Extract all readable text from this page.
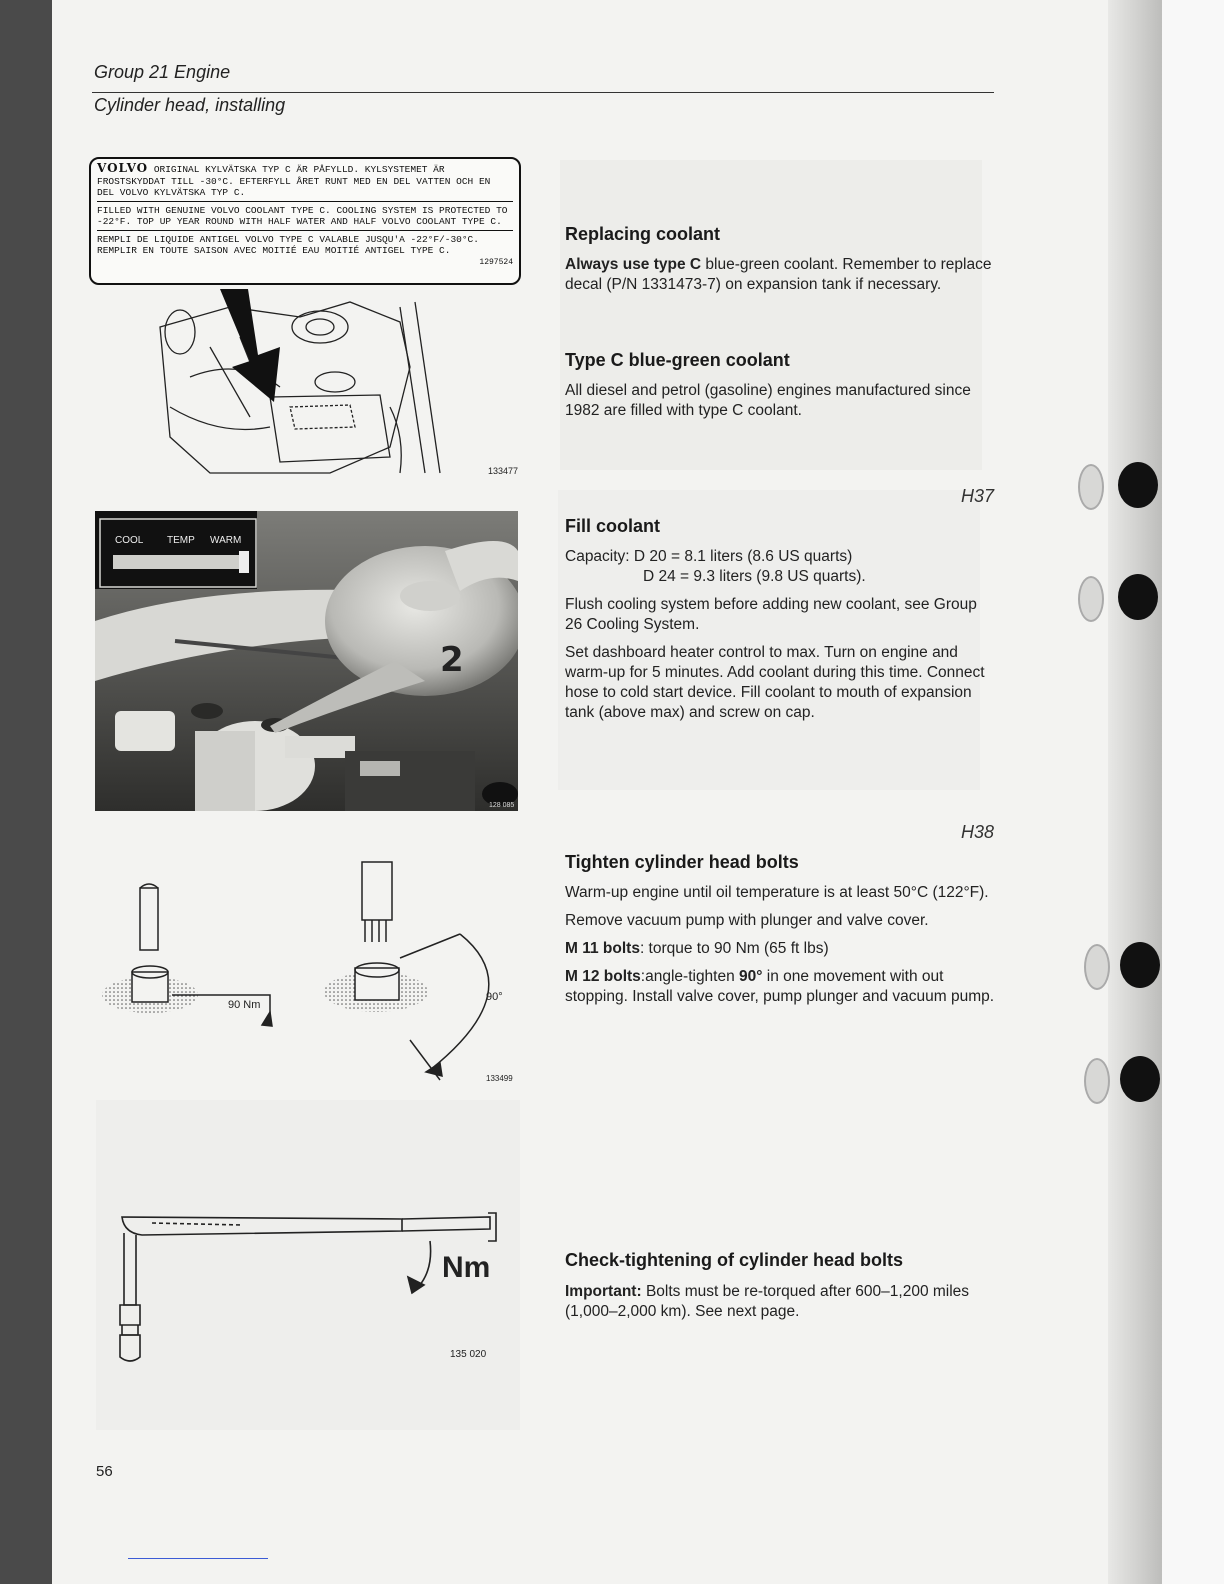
Group 21 Engine
Cylinder head, installing
VOLVO ORIGINAL KYLVÄTSKA TYP C ÄR PÅFYLLD. KYLSYSTEMET ÄR FROSTSKYDDAT TILL -30°C. EFTERFYLL ÅRET RUNT MED EN DEL VATTEN OCH EN DEL VOLVO KYLVÄTSKA TYP C.
FILLED WITH GENUINE VOLVO COOLANT TYPE C. COOLING SYSTEM IS PROTECTED TO -22°F. TOP UP YEAR ROUND WITH HALF WATER AND HALF VOLVO COOLANT TYPE C.
REMPLI DE LIQUIDE ANTIGEL VOLVO TYPE C VALABLE JUSQU'A -22°F/-30°C. REMPLIR EN TOUTE SAISON AVEC MOITIÉ EAU MOITIÉ ANTIGEL TYPE C.
1297524
133477
2
COOL TEMP WARM
128 085
90 Nm
90°
133499
Nm
135 020
Replacing coolant

Always use type C blue-green coolant. Remember to replace decal (P/N 1331473-7) on expansion tank if necessary.

Type C blue-green coolant

All diesel and petrol (gasoline) engines manufactured since 1982 are filled with type C coolant.

H37
Fill coolant

Capacity: D 20 = 8.1 liters (8.6 US quarts)

D 24 = 9.3 liters (9.8 US quarts).

Flush cooling system before adding new coolant, see Group 26 Cooling System.

Set dashboard heater control to max. Turn on engine and warm-up for 5 minutes. Add coolant during this time. Connect hose to cold start device. Fill coolant to mouth of expansion tank (above max) and screw on cap.

H38
Tighten cylinder head bolts

Warm-up engine until oil temperature is at least 50°C (122°F).

Remove vacuum pump with plunger and valve cover.

M 11 bolts: torque to 90 Nm (65 ft lbs)

M 12 bolts:angle-tighten 90° in one movement with out stopping. Install valve cover, pump plunger and vacuum pump.

Check-tightening of cylinder head bolts

Important: Bolts must be re-torqued after 600–1,200 miles (1,000–2,000 km). See next page.

56
